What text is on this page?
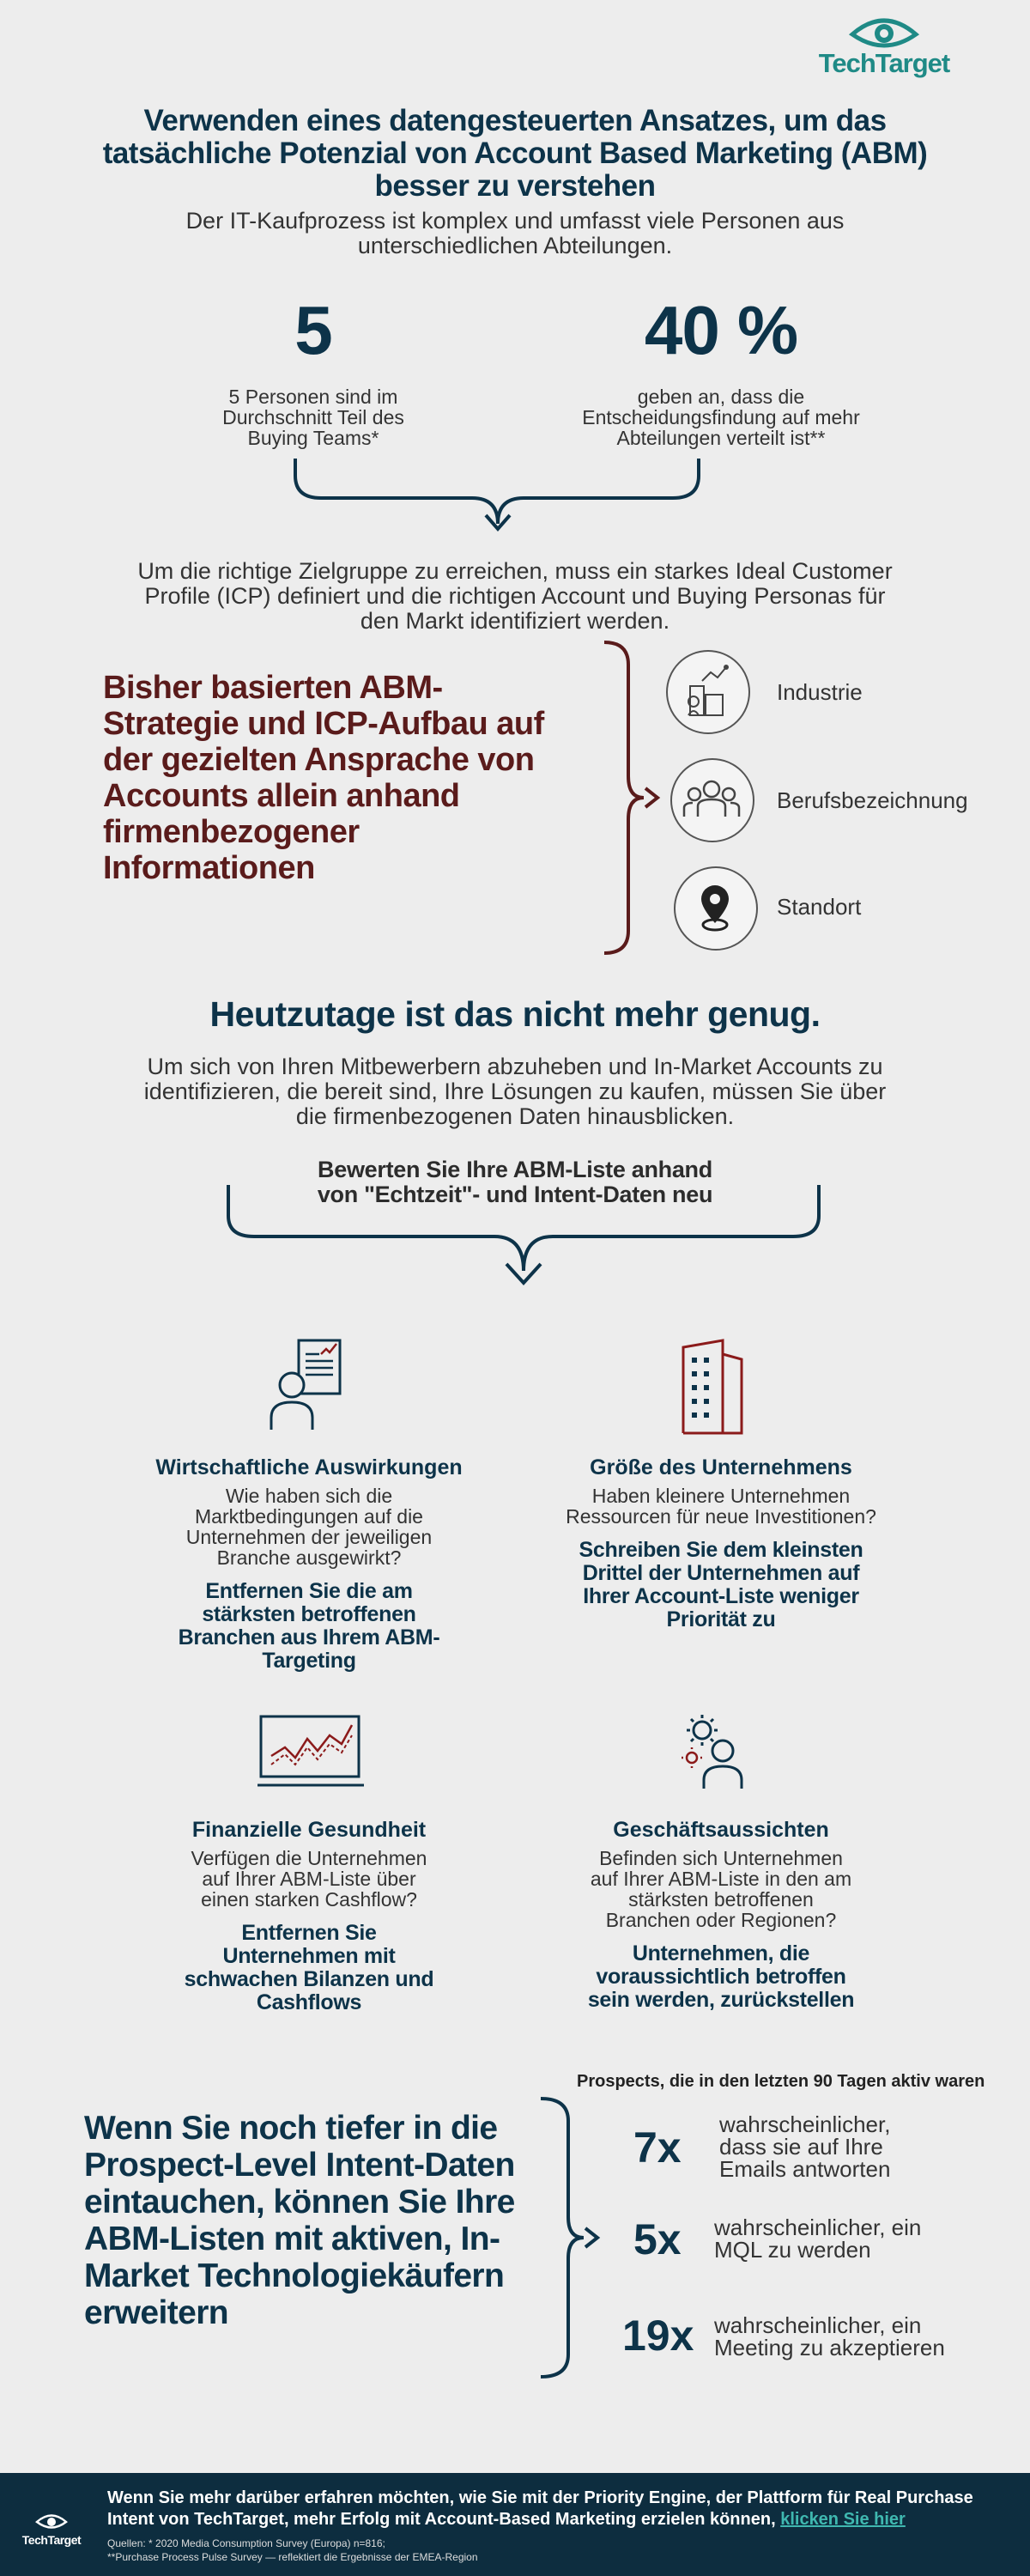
TechTarget
Verwenden eines datengesteuerten Ansatzes, um das
tatsächliche Potenzial von Account Based Marketing (ABM)
besser zu verstehen
Der IT-Kaufprozess ist komplex und umfasst viele Personen aus
unterschiedlichen Abteilungen.
5
5 Personen sind im
Durchschnitt Teil des
Buying Teams*
40 %
geben an, dass die
Entscheidungsfindung auf mehr
Abteilungen verteilt ist**
Um die richtige Zielgruppe zu erreichen, muss ein starkes Ideal Customer
Profile (ICP) definiert und die richtigen Account und Buying Personas für
den Markt identifiziert werden.
Bisher basierten ABM-
Strategie und ICP-Aufbau auf
der gezielten Ansprache von
Accounts allein anhand
firmenbezogener
Informationen
Industrie
Berufsbezeichnung
Standort
Heutzutage ist das nicht mehr genug.
Um sich von Ihren Mitbewerbern abzuheben und In-Market Accounts zu
identifizieren, die bereit sind, Ihre Lösungen zu kaufen, müssen Sie über
die firmenbezogenen Daten hinausblicken.
Bewerten Sie Ihre ABM-Liste anhand
von "Echtzeit"- und Intent-Daten neu
Wirtschaftliche Auswirkungen
Wie haben sich die
Marktbedingungen auf die
Unternehmen der jeweiligen
Branche ausgewirkt?
Entfernen Sie die am
stärksten betroffenen
Branchen aus Ihrem ABM-
Targeting
Größe des Unternehmens
Haben kleinere Unternehmen
Ressourcen für neue Investitionen?
Schreiben Sie dem kleinsten
Drittel der Unternehmen auf
Ihrer Account-Liste weniger
Priorität zu
Finanzielle Gesundheit
Verfügen die Unternehmen
auf Ihrer ABM-Liste über
einen starken Cashflow?
Entfernen Sie
Unternehmen mit
schwachen Bilanzen und
Cashflows
Geschäftsaussichten
Befinden sich Unternehmen
auf Ihrer ABM-Liste in den am
stärksten betroffenen
Branchen oder Regionen?
Unternehmen, die
voraussichtlich betroffen
sein werden, zurückstellen
Wenn Sie noch tiefer in die
Prospect-Level Intent-Daten
eintauchen, können Sie Ihre
ABM-Listen mit aktiven, In-
Market Technologiekäufern
erweitern
Prospects, die in den letzten 90 Tagen aktiv waren
7x wahrscheinlicher,
dass sie auf Ihre
Emails antworten
5x wahrscheinlicher, ein
MQL zu werden
19x wahrscheinlicher, ein
Meeting zu akzeptieren
TechTarget
Wenn Sie mehr darüber erfahren möchten, wie Sie mit der Priority Engine, der Plattform für Real Purchase
Intent von TechTarget, mehr Erfolg mit Account-Based Marketing erzielen können, klicken Sie hier
Quellen: * 2020 Media Consumption Survey (Europa) n=816;
**Purchase Process Pulse Survey — reflektiert die Ergebnisse der EMEA-Region
